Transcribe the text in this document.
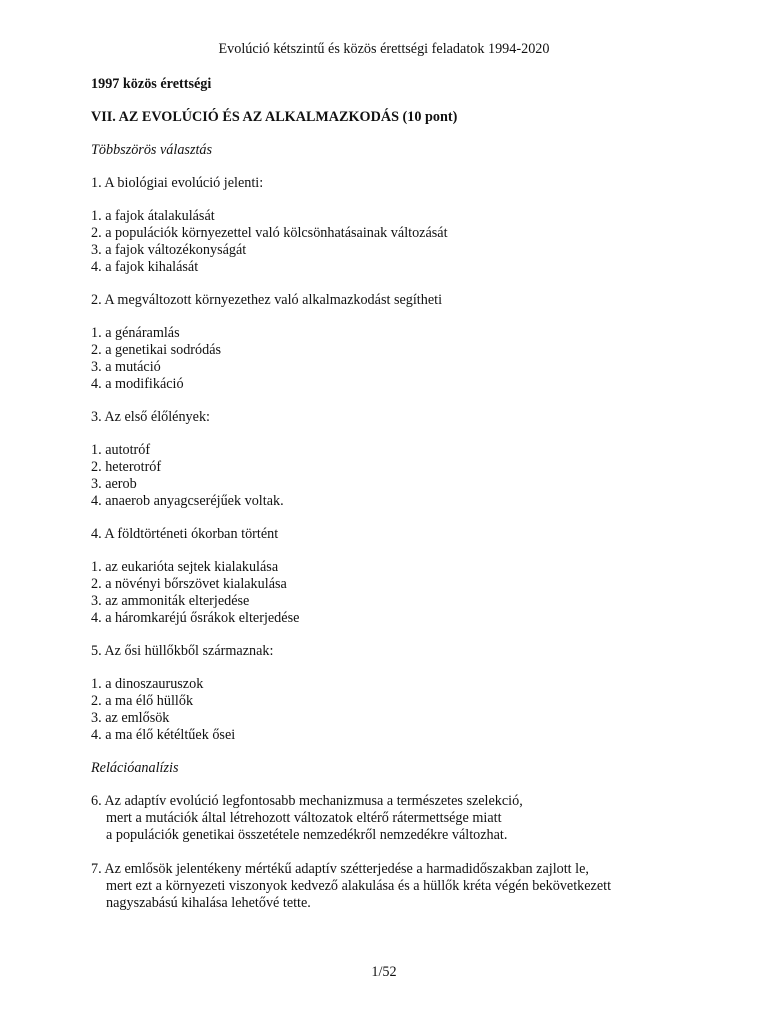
Evolúció kétszintű és közös érettségi feladatok 1994-2020
1997 közös érettségi
VII. AZ EVOLÚCIÓ ÉS AZ ALKALMAZKODÁS (10 pont)
Többszörös választás
1. A biológiai evolúció jelenti:
1. a fajok átalakulását
2. a populációk környezettel való kölcsönhatásainak változását
3. a fajok változékonyságát
4. a fajok kihalását
2. A megváltozott környezethez való alkalmazkodást segítheti
1. a génáramlás
2. a genetikai sodródás
3. a mutáció
4. a modifikáció
3. Az első élőlények:
1. autotróf
2. heterotróf
3. aerob
4. anaerob anyagcseréjűek voltak.
4. A földtörténeti ókorban történt
1. az eukarióta sejtek kialakulása
2. a növényi bőrszövet kialakulása
3. az ammoniták elterjedése
4. a háromkaréjú ősrákok elterjedése
5. Az ősi hüllőkből származnak:
1. a dinoszauruszok
2. a ma élő hüllők
3. az emlősök
4. a ma élő kétéltűek ősei
Relációanalízis
6. Az adaptív evolúció legfontosabb mechanizmusa a természetes szelekció,
mert a mutációk által létrehozott változatok eltérő rátermettsége miatt
a populációk genetikai összetétele nemzedékről nemzedékre változhat.
7. Az emlősök jelentékeny mértékű adaptív szétterjedése a harmadidőszakban zajlott le,
mert ezt a környezeti viszonyok kedvező alakulása és a hüllők kréta végén bekövetkezett
nagyszabású kihalása lehetővé tette.
1/52
